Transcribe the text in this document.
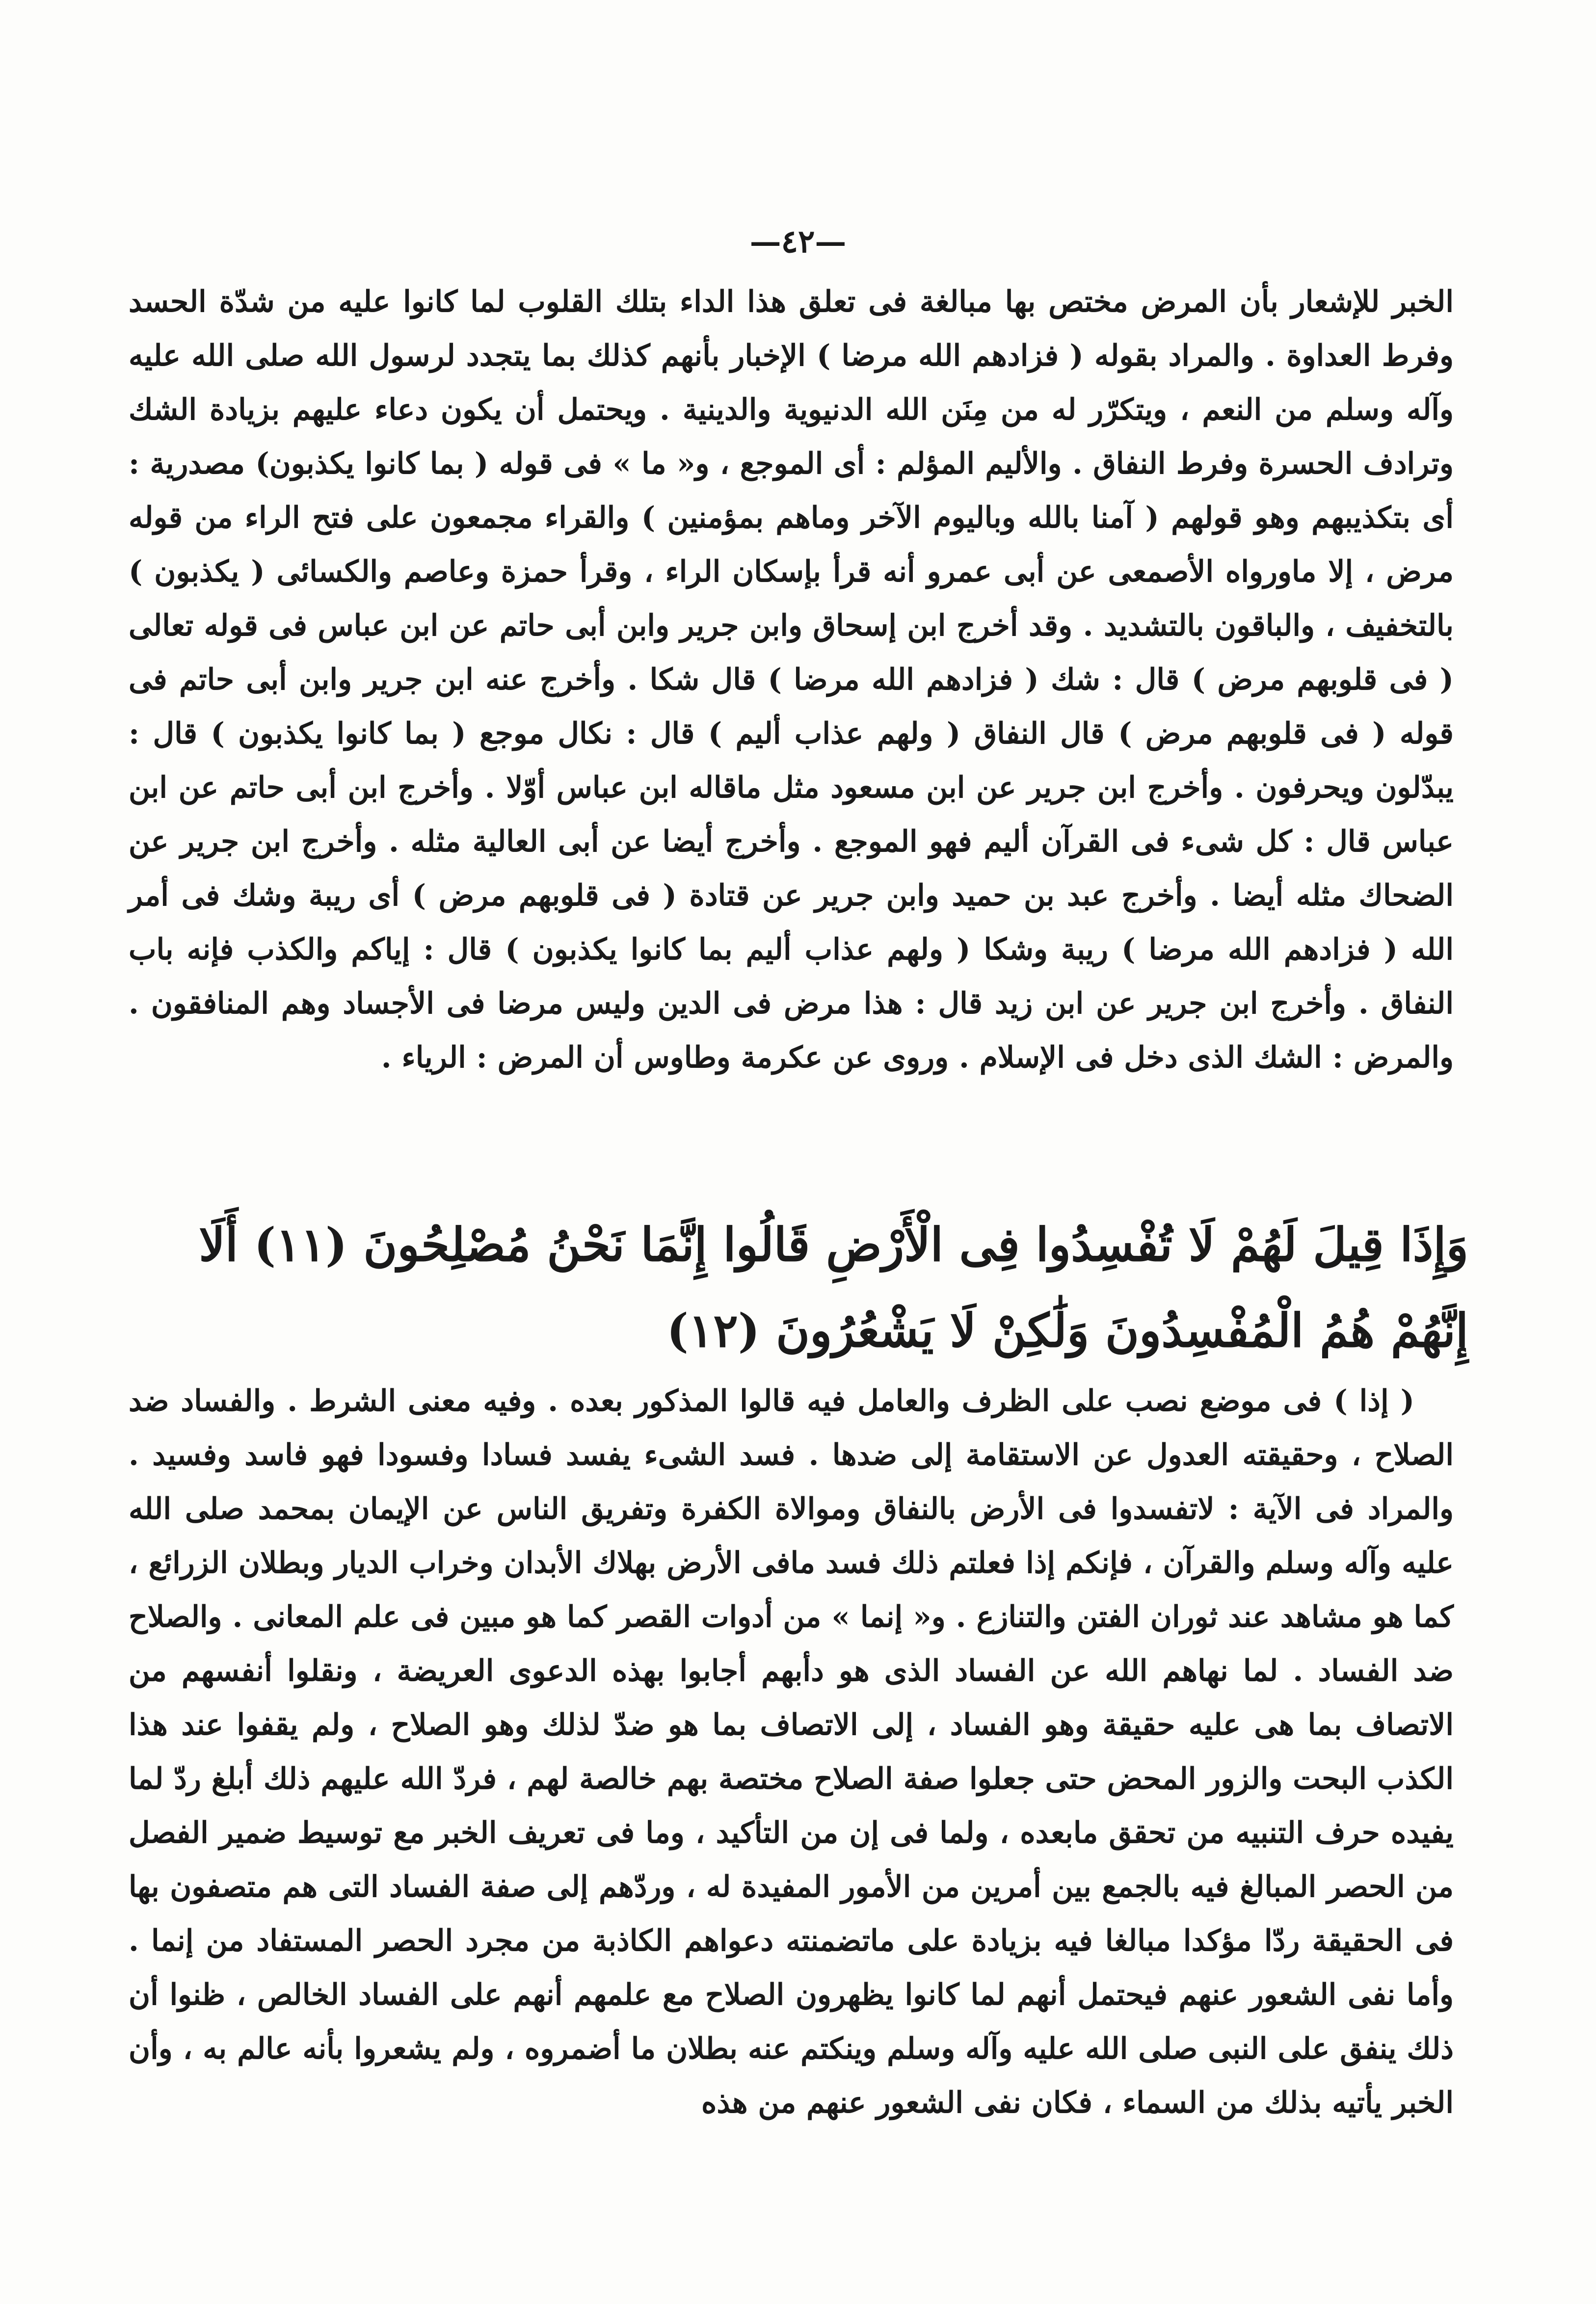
—٤٢—

الخبر للإشعار بأن المرض مختص بها مبالغة فى تعلق هذا الداء بتلك القلوب لما كانوا عليه من شدّة الحسد وفرط العداوة . والمراد بقوله ( فزادهم الله مرضا ) الإخبار بأنهم كذلك بما يتجدد لرسول الله صلى الله عليه وآله وسلم من النعم ، ويتكرّر له من مِنَن الله الدنيوية والدينية . ويحتمل أن يكون دعاء عليهم بزيادة الشك وترادف الحسرة وفرط النفاق . والأليم المؤلم : أى الموجع ، و« ما » فى قوله ( بما كانوا يكذبون) مصدرية : أى بتكذيبهم وهو قولهم ( آمنا بالله وباليوم الآخر وماهم بمؤمنين ) والقراء مجمعون على فتح الراء من قوله مرض ، إلا ماورواه الأصمعى عن أبى عمرو أنه قرأ بإسكان الراء ، وقرأ حمزة وعاصم والكسائى ( يكذبون ) بالتخفيف ، والباقون بالتشديد . وقد أخرج ابن إسحاق وابن جرير وابن أبى حاتم عن ابن عباس فى قوله تعالى ( فى قلوبهم مرض ) قال : شك ( فزادهم الله مرضا ) قال شكا . وأخرج عنه ابن جرير وابن أبى حاتم فى قوله ( فى قلوبهم مرض ) قال النفاق ( ولهم عذاب أليم ) قال : نكال موجع ( بما كانوا يكذبون ) قال : يبدّلون ويحرفون . وأخرج ابن جرير عن ابن مسعود مثل ماقاله ابن عباس أوّلا . وأخرج ابن أبى حاتم عن ابن عباس قال : كل شىء فى القرآن أليم فهو الموجع . وأخرج أيضا عن أبى العالية مثله . وأخرج ابن جرير عن الضحاك مثله أيضا . وأخرج عبد بن حميد وابن جرير عن قتادة ( فى قلوبهم مرض ) أى ريبة وشك فى أمر الله ( فزادهم الله مرضا ) ريبة وشكا ( ولهم عذاب أليم بما كانوا يكذبون ) قال : إياكم والكذب فإنه باب النفاق . وأخرج ابن جرير عن ابن زيد قال : هذا مرض فى الدين وليس مرضا فى الأجساد وهم المنافقون . والمرض : الشك الذى دخل فى الإسلام . وروى عن عكرمة وطاوس أن المرض : الرياء .

وَإِذَا قِيلَ لَهُمْ لَا تُفْسِدُوا فِى الْأَرْضِ قَالُوا إِنَّمَا نَحْنُ مُصْلِحُونَ (١١) أَلَا إِنَّهُمْ هُمُ الْمُفْسِدُونَ وَلَٰكِنْ لَا يَشْعُرُونَ (١٢)

( إذا ) فى موضع نصب على الظرف والعامل فيه قالوا المذكور بعده . وفيه معنى الشرط . والفساد ضد الصلاح ، وحقيقته العدول عن الاستقامة إلى ضدها . فسد الشىء يفسد فسادا وفسودا فهو فاسد وفسيد . والمراد فى الآية : لاتفسدوا فى الأرض بالنفاق وموالاة الكفرة وتفريق الناس عن الإيمان بمحمد صلى الله عليه وآله وسلم والقرآن ، فإنكم إذا فعلتم ذلك فسد مافى الأرض بهلاك الأبدان وخراب الديار وبطلان الزرائع ، كما هو مشاهد عند ثوران الفتن والتنازع . و« إنما » من أدوات القصر كما هو مبين فى علم المعانى . والصلاح ضد الفساد . لما نهاهم الله عن الفساد الذى هو دأبهم أجابوا بهذه الدعوى العريضة ، ونقلوا أنفسهم من الاتصاف بما هى عليه حقيقة وهو الفساد ، إلى الاتصاف بما هو ضدّ لذلك وهو الصلاح ، ولم يقفوا عند هذا الكذب البحت والزور المحض حتى جعلوا صفة الصلاح مختصة بهم خالصة لهم ، فردّ الله عليهم ذلك أبلغ ردّ لما يفيده حرف التنبيه من تحقق مابعده ، ولما فى إن من التأكيد ، وما فى تعريف الخبر مع توسيط ضمير الفصل من الحصر المبالغ فيه بالجمع بين أمرين من الأمور المفيدة له ، وردّهم إلى صفة الفساد التى هم متصفون بها فى الحقيقة ردّا مؤكدا مبالغا فيه بزيادة على ماتضمنته دعواهم الكاذبة من مجرد الحصر المستفاد من إنما . وأما نفى الشعور عنهم فيحتمل أنهم لما كانوا يظهرون الصلاح مع علمهم أنهم على الفساد الخالص ، ظنوا أن ذلك ينفق على النبى صلى الله عليه وآله وسلم وينكتم عنه بطلان ما أضمروه ، ولم يشعروا بأنه عالم به ، وأن الخبر يأتيه بذلك من السماء ، فكان نفى الشعور عنهم من هذه
